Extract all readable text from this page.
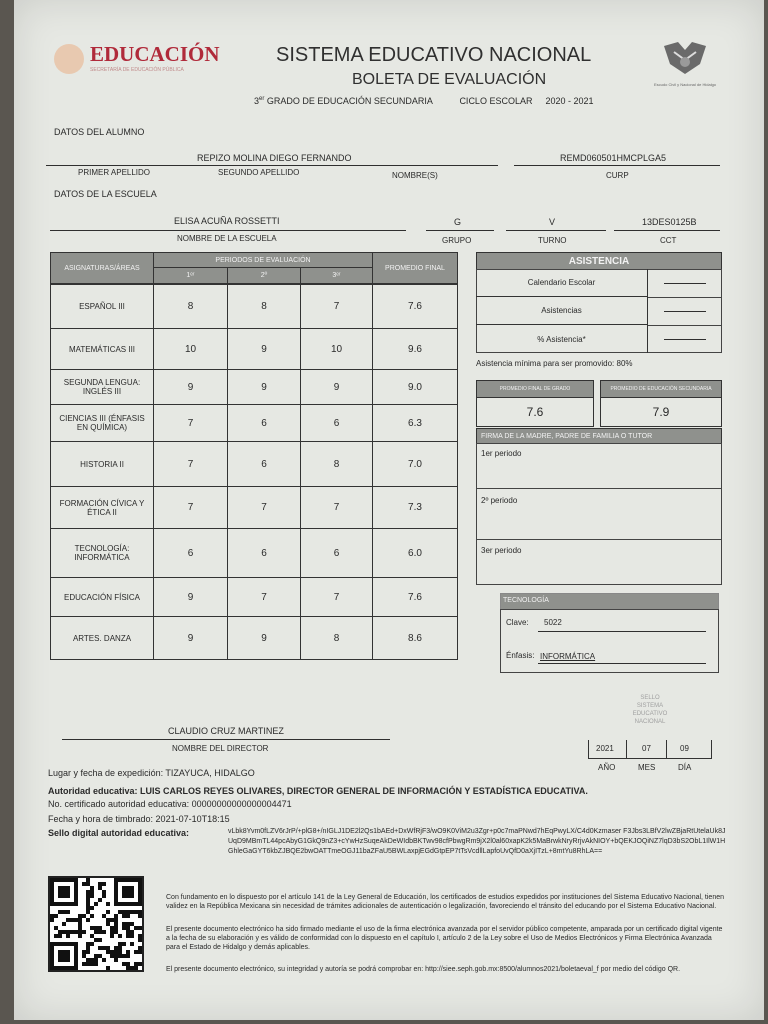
EDUCACIÓN
SECRETARÍA DE EDUCACIÓN PÚBLICA
SISTEMA EDUCATIVO NACIONAL
BOLETA DE EVALUACIÓN
3er GRADO DE EDUCACIÓN SECUNDARIA	CICLO ESCOLAR 2020 - 2021
Escudo Civil y Nacional de Hidalgo
DATOS DEL ALUMNO
REPIZO MOLINA DIEGO FERNANDO	REMD060501HMCPLGA5
PRIMER APELLIDO	SEGUNDO APELLIDO	NOMBRE(S)	CURP
DATOS DE LA ESCUELA
ELISA ACUÑA ROSSETTI	G	V	13DES0125B
NOMBRE DE LA ESCUELA	GRUPO	TURNO	CCT
ASIGNATURAS/ÁREAS
PERIODOS DE EVALUACIÓN
1ᵉʳ	2º	3ᵉʳ
PROMEDIO FINAL
ESPAÑOL III	8	8	7	7.6
MATEMÁTICAS III	10	9	10	9.6
SEGUNDA LENGUA: INGLÉS III	9	9	9	9.0
CIENCIAS III (ÉNFASIS EN QUÍMICA)	7	6	6	6.3
HISTORIA II	7	6	8	7.0
FORMACIÓN CÍVICA Y ÉTICA II	7	7	7	7.3
TECNOLOGÍA: INFORMÁTICA	6	6	6	6.0
EDUCACIÓN FÍSICA	9	7	7	7.6
ARTES. DANZA	9	9	8	8.6
ASISTENCIA
Calendario Escolar
Asistencias
% Asistencia*
Asistencia mínima para ser promovido: 80%
PROMEDIO FINAL DE GRADO	PROMEDIO DE EDUCACIÓN SECUNDARIA
7.6	7.9
FIRMA DE LA MADRE, PADRE DE FAMILIA O TUTOR
1er periodo
2º periodo
3er periodo
TECNOLOGÍA
Clave: 5022
Énfasis: INFORMÁTICA
CLAUDIO CRUZ MARTINEZ
NOMBRE DEL DIRECTOR
SELLO SISTEMA EDUCATIVO NACIONAL
2021	07	09
AÑO	MES	DÍA
Lugar y fecha de expedición: TIZAYUCA, HIDALGO
Autoridad educativa: LUIS CARLOS REYES OLIVARES, DIRECTOR GENERAL DE INFORMACIÓN Y ESTADÍSTICA EDUCATIVA.
No. certificado autoridad educativa: 00000000000000004471
Fecha y hora de timbrado: 2021-07-10T18:15
Sello digital autoridad educativa:	vLbk8Yvm0fLZV6rJrP/+plG8+/nIGLJ1DE2l2Qs1bAEd+DxWfRjF3/wO9K0ViM2u3Zgr+p0c7maPNwd7hEqPwyLX/C4d0Kzmaser F3Jbs3LBfV2lwZBjaRtUtelaUk8JUqD9MBmTL44pcAbyG1GkQ9nZ3+cYwHzSuqeAkDeWIdbBKTwv98cfPbwgRm9jX2l0al60xapK2k5MaBrwkNryRrjvAkNIOY+bQEKJOQiNZ7lqD3bS2ObL1IlW1HGhleGaGYT6kbZJBQE2bwOATTmeOGJ11baZFaU5BWLaxpjEGdGtpEP7tTsVcdllLapfoUvQfD0aXjITzL+8mtYu8RhLA==
Con fundamento en lo dispuesto por el artículo 141 de la Ley General de Educación, los certificados de estudios expedidos por instituciones del Sistema Educativo Nacional, tienen validez en la República Mexicana sin necesidad de trámites adicionales de autenticación o legalización, favoreciendo el tránsito del educando por el Sistema Educativo Nacional.
El presente documento electrónico ha sido firmado mediante el uso de la firma electrónica avanzada por el servidor público competente, amparada por un certificado digital vigente a la fecha de su elaboración y es válido de conformidad con lo dispuesto en el capítulo I, artículo 2 de la Ley sobre el Uso de Medios Electrónicos y Firma Electrónica Avanzada para el Estado de Hidalgo y demás aplicables.
El presente documento electrónico, su integridad y autoría se podrá comprobar en: http://siee.seph.gob.mx:8500/alumnos2021/boletaeval_f por medio del código QR.
